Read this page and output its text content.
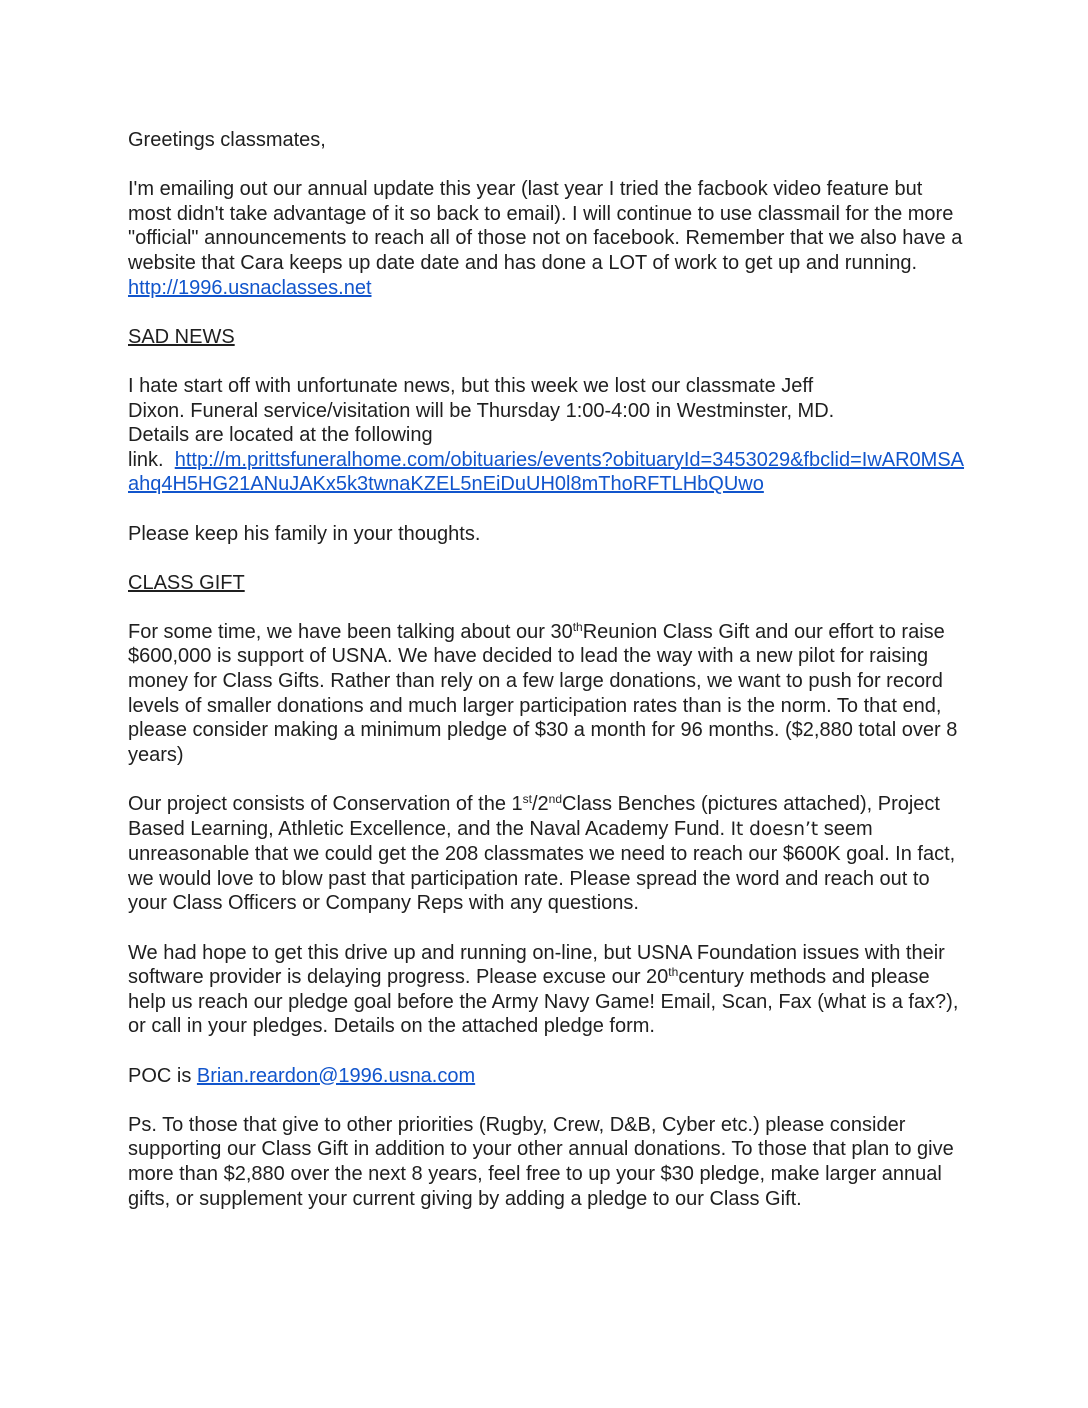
Greetings classmates,

I'm emailing out our annual update this year (last year I tried the facbook video feature but most didn't take advantage of it so back to email). I will continue to use classmail for the more "official" announcements to reach all of those not on facebook. Remember that we also have a website that Cara keeps up date date and has done a LOT of work to get up and running. http://1996.usnaclasses.net

SAD NEWS

I hate start off with unfortunate news, but this week we lost our classmate Jeff
Dixon. Funeral service/visitation will be Thursday 1:00-4:00 in Westminster, MD.
Details are located at the following
link. http://m.prittsfuneralhome.com/obituaries/events?obituaryId=3453029&fbclid=IwAR0MSAahq4H5HG21ANuJAKx5k3twnaKZEL5nEiDuUH0l8mThoRFTLHbQUwo

Please keep his family in your thoughts.

CLASS GIFT

For some time, we have been talking about our 30thReunion Class Gift and our effort to raise $600,000 is support of USNA. We have decided to lead the way with a new pilot for raising money for Class Gifts. Rather than rely on a few large donations, we want to push for record levels of smaller donations and much larger participation rates than is the norm. To that end, please consider making a minimum pledge of $30 a month for 96 months. ($2,880 total over 8 years)

Our project consists of Conservation of the 1st/2ndClass Benches (pictures attached), Project Based Learning, Athletic Excellence, and the Naval Academy Fund. It doesn’t seem unreasonable that we could get the 208 classmates we need to reach our $600K goal. In fact, we would love to blow past that participation rate. Please spread the word and reach out to your Class Officers or Company Reps with any questions.

We had hope to get this drive up and running on-line, but USNA Foundation issues with their software provider is delaying progress. Please excuse our 20thcentury methods and please help us reach our pledge goal before the Army Navy Game! Email, Scan, Fax (what is a fax?), or call in your pledges. Details on the attached pledge form.

POC is Brian.reardon@1996.usna.com

Ps. To those that give to other priorities (Rugby, Crew, D&B, Cyber etc.) please consider supporting our Class Gift in addition to your other annual donations. To those that plan to give more than $2,880 over the next 8 years, feel free to up your $30 pledge, make larger annual gifts, or supplement your current giving by adding a pledge to our Class Gift.
